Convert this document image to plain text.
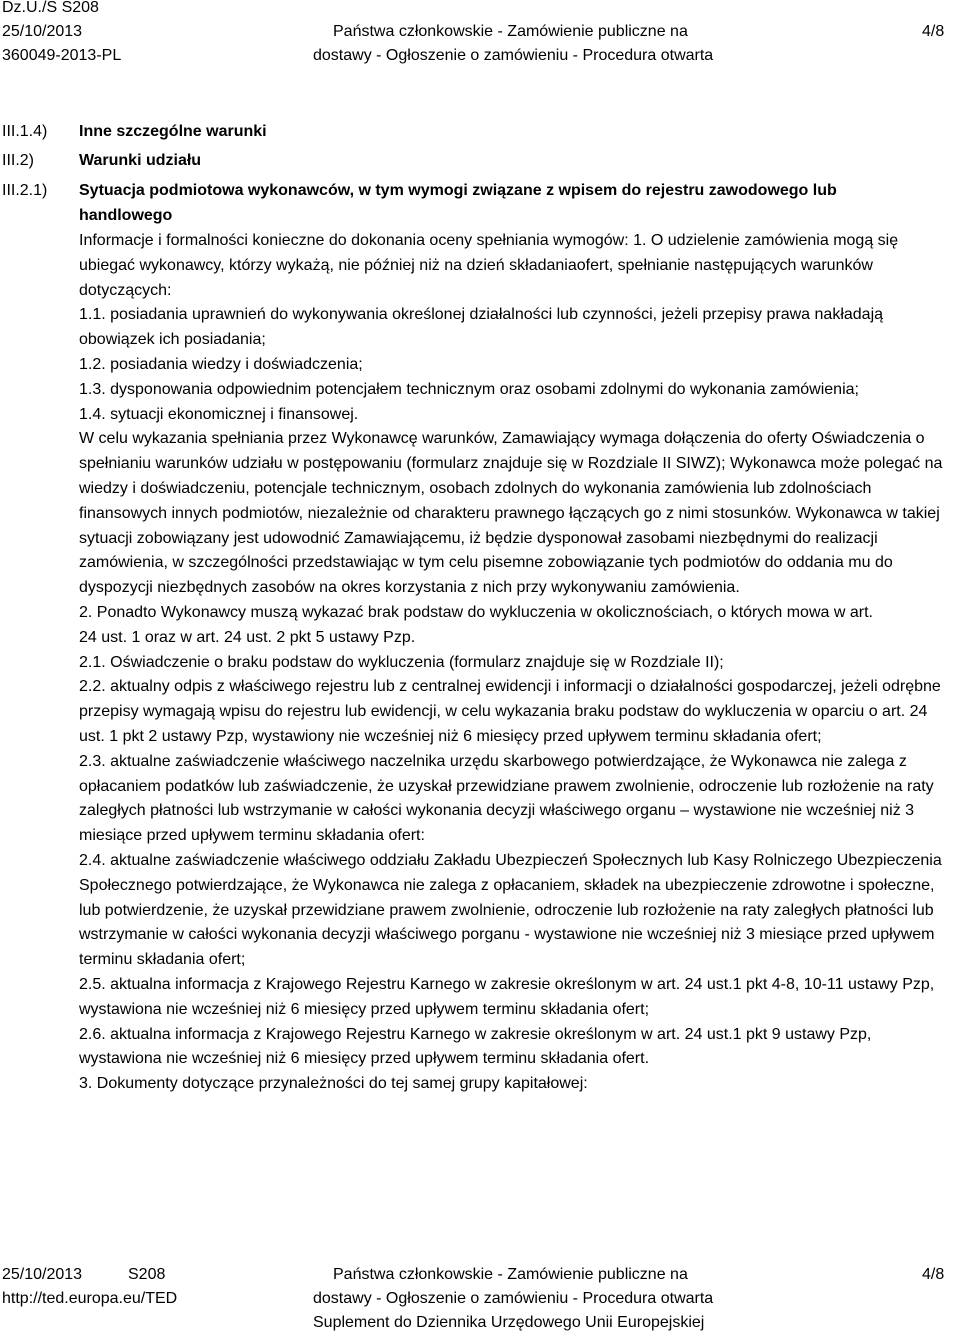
Dz.U./S S208
25/10/2013
360049-2013-PL
Państwa członkowskie - Zamówienie publiczne na
dostawy - Ogłoszenie o zamówieniu - Procedura otwarta
4/8
III.1.4) Inne szczególne warunki
III.2)	Warunki udziału
III.2.1) Sytuacja podmiotowa wykonawców, w tym wymogi związane z wpisem do rejestru zawodowego lub
handlowego

Informacje i formalności konieczne do dokonania oceny spełniania wymogów: 1. O udzielenie zamówienia mogą się ubiegać wykonawcy, którzy wykażą, nie później niż na dzień składaniaofert, spełnianie następujących warunków dotyczących:

1.1. posiadania uprawnień do wykonywania określonej działalności lub czynności, jeżeli przepisy prawa nakładają obowiązek ich posiadania;

1.2. posiadania wiedzy i doświadczenia;

1.3. dysponowania odpowiednim potencjałem technicznym oraz osobami zdolnymi do wykonania zamówienia;

1.4. sytuacji ekonomicznej i finansowej.

W celu wykazania spełniania przez Wykonawcę warunków, Zamawiający wymaga dołączenia do oferty Oświadczenia o spełnianiu warunków udziału w postępowaniu (formularz znajduje się w Rozdziale II SIWZ); Wykonawca może polegać na wiedzy i doświadczeniu, potencjale technicznym, osobach zdolnych do wykonania zamówienia lub zdolnościach finansowych innych podmiotów, niezależnie od charakteru prawnego łączących go z nimi stosunków. Wykonawca w takiej sytuacji zobowiązany jest udowodnić Zamawiającemu, iż będzie dysponował zasobami niezbędnymi do realizacji zamówienia, w szczególności przedstawiając w tym celu pisemne zobowiązanie tych podmiotów do oddania mu do dyspozycji niezbędnych zasobów na okres korzystania z nich przy wykonywaniu zamówienia.

2. Ponadto Wykonawcy muszą wykazać brak podstaw do wykluczenia w okolicznościach, o których mowa w art.

24 ust. 1 oraz w art. 24 ust. 2 pkt 5 ustawy Pzp.

2.1. Oświadczenie o braku podstaw do wykluczenia (formularz znajduje się w Rozdziale II);

2.2. aktualny odpis z właściwego rejestru lub z centralnej ewidencji i informacji o działalności gospodarczej, jeżeli odrębne przepisy wymagają wpisu do rejestru lub ewidencji, w celu wykazania braku podstaw do wykluczenia w oparciu o art. 24 ust. 1 pkt 2 ustawy Pzp, wystawiony nie wcześniej niż 6 miesięcy przed upływem terminu składania ofert;

2.3. aktualne zaświadczenie właściwego naczelnika urzędu skarbowego potwierdzające, że Wykonawca nie zalega z opłacaniem podatków lub zaświadczenie, że uzyskał przewidziane prawem zwolnienie, odroczenie lub rozłożenie na raty zaległych płatności lub wstrzymanie w całości wykonania decyzji właściwego organu – wystawione nie wcześniej niż 3 miesiące przed upływem terminu składania ofert:

2.4. aktualne zaświadczenie właściwego oddziału Zakładu Ubezpieczeń Społecznych lub Kasy Rolniczego Ubezpieczenia Społecznego potwierdzające, że Wykonawca nie zalega z opłacaniem, składek na ubezpieczenie zdrowotne i społeczne, lub potwierdzenie, że uzyskał przewidziane prawem zwolnienie, odroczenie lub rozłożenie na raty zaległych płatności lub wstrzymanie w całości wykonania decyzji właściwego porganu - wystawione nie wcześniej niż 3 miesiące przed upływem terminu składania ofert;

2.5. aktualna informacja z Krajowego Rejestru Karnego w zakresie określonym w art. 24 ust.1 pkt 4-8, 10-11 ustawy Pzp, wystawiona nie wcześniej niż 6 miesięcy przed upływem terminu składania ofert;

2.6. aktualna informacja z Krajowego Rejestru Karnego w zakresie określonym w art. 24 ust.1 pkt 9 ustawy Pzp, wystawiona nie wcześniej niż 6 miesięcy przed upływem terminu składania ofert.

3. Dokumenty dotyczące przynależności do tej samej grupy kapitałowej:

25/10/2013	S208
http://ted.europa.eu/TED
Państwa członkowskie - Zamówienie publiczne na
dostawy - Ogłoszenie o zamówieniu - Procedura otwarta
Suplement do Dziennika Urzędowego Unii Europejskiej
4/8
